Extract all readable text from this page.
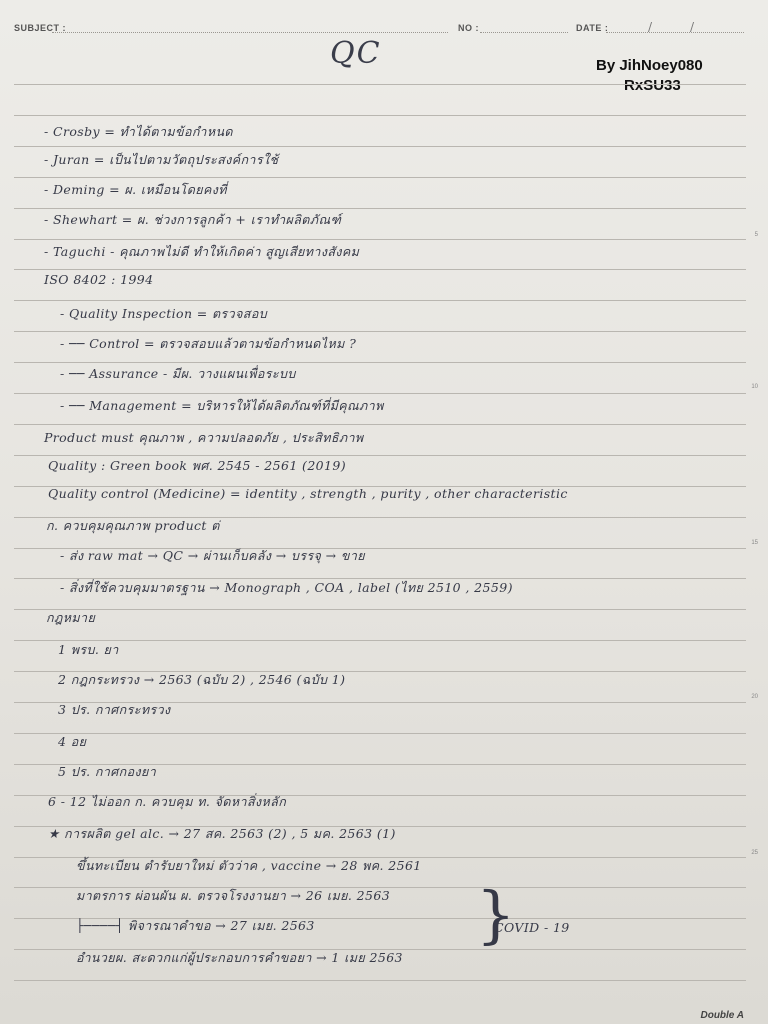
SUBJECT :	NO :	DATE :	/	/
QC	By JihNoey080
RxSU33
- Crosby = ทำได้ตามข้อกำหนด
- Juran = เป็นไปตามวัตถุประสงค์การใช้
- Deming = ผ. เหมือนโดยคงที่
- Shewhart = ผ. ช่วงการลูกค้า + เราทำผลิตภัณฑ์
- Taguchi - คุณภาพไม่ดี ทำให้เกิดค่า สูญเสียทางสังคม
ISO 8402 : 1994
- Quality Inspection = ตรวจสอบ
- ── Control = ตรวจสอบแล้วตามข้อกำหนดไหม ?
- ── Assurance - มีผ. วางแผนเพื่อระบบ
- ── Management = บริหารให้ได้ผลิตภัณฑ์ที่มีคุณภาพ
Product must คุณภาพ , ความปลอดภัย , ประสิทธิภาพ
Quality : Green book พศ. 2545 - 2561 (2019)
Quality control (Medicine) = identity , strength , purity , other characteristic
ก. ควบคุมคุณภาพ product ต่
- ส่ง raw mat → QC → ผ่านเก็บคลัง → บรรจุ → ขาย
- สิ่งที่ใช้ควบคุมมาตรฐาน → Monograph , COA , label (ไทย 2510 , 2559)
กฎหมาย
1 พรบ. ยา
2 กฎกระทรวง → 2563 (ฉบับ 2) , 2546 (ฉบับ 1)
3 ปร. กาศกระทรวง
4 อย
5 ปร. กาศกองยา
6 - 12 ไม่ออก ก. ควบคุม ท. จัดหาสิ่งหลัก
★ การผลิต gel alc. → 27 สค. 2563 (2) , 5 มค. 2563 (1)
ขึ้นทะเบียน ตำรับยาใหม่ ตัวว่าค , vaccine → 28 พค. 2561
มาตรการ ผ่อนผัน ผ. ตรวจโรงงานยา → 26 เมย. 2563
├────┤ พิจารณาคำขอ → 27 เมย. 2563
อำนวยผ. สะดวกแก่ผู้ประกอบการคำขอยา → 1 เมย 2563
}
COVID - 19
Double A
5
10
15
20
25
